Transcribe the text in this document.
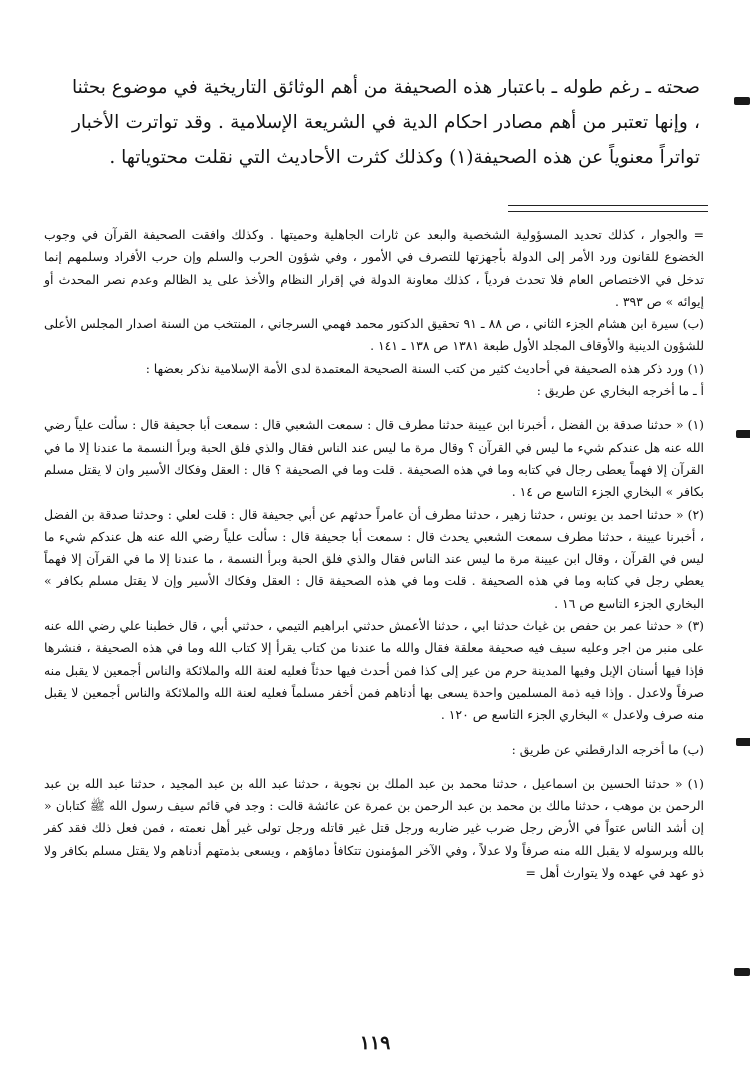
صحته ـ رغم طوله ـ باعتبار هذه الصحيفة من أهم الوثائق التاريخية في موضوع بحثنا ، وإنها تعتبر من أهم مصادر احكام الدية في الشريعة الإسلامية . وقد تواترت الأخبار تواتراً معنوياً عن هذه الصحيفة(١) وكذلك كثرت الأحاديث التي نقلت محتوياتها .

= والجوار ، كذلك تحديد المسؤولية الشخصية والبعد عن ثارات الجاهلية وحميتها . وكذلك وافقت الصحيفة القرآن في وجوب الخضوع للقانون ورد الأمر إلى الدولة بأجهزتها للتصرف في الأمور ، وفي شؤون الحرب والسلم وإن حرب الأفراد وسلمهم إنما تدخل في الاختصاص العام فلا تحدث فردياً ، كذلك معاونة الدولة في إقرار النظام والأخذ على يد الظالم وعدم نصر المحدث أو إيوائه » ص ٣٩٣ .

(ب) سيرة ابن هشام الجزء الثاني ، ص ٨٨ ـ ٩١ تحقيق الدكتور محمد فهمي السرجاني ، المنتخب من السنة اصدار المجلس الأعلى للشؤون الدينية والأوقاف المجلد الأول طبعة ١٣٨١ ص ١٣٨ ـ ١٤١ .

(١) ورد ذكر هذه الصحيفة في أحاديث كثير من كتب السنة الصحيحة المعتمدة لدى الأمة الإسلامية نذكر بعضها :

أ ـ ما أخرجه البخاري عن طريق :

(١) « حدثنا صدقة بن الفضل ، أخبرنا ابن عيينة حدثنا مطرف قال : سمعت الشعبي قال : سمعت أبا جحيفة قال : سألت علياً رضي الله عنه هل عندكم شيء ما ليس في القرآن ؟ وقال مرة ما ليس عند الناس فقال والذي فلق الحبة وبرأ النسمة ما عندنا إلا ما في القرآن إلا فهماً يعطى رجال في كتابه وما في هذه الصحيفة . قلت وما في الصحيفة ؟ قال : العقل وفكاك الأسير وان لا يقتل مسلم بكافر » البخاري الجزء التاسع ص ١٤ .

(٢) « حدثنا احمد بن يونس ، حدثنا زهير ، حدثنا مطرف أن عامراً حدثهم عن أبي جحيفة قال : قلت لعلي : وحدثنا صدقة بن الفضل ، أخبرنا عيينة ، حدثنا مطرف سمعت الشعبي يحدث قال : سمعت أبا جحيفة قال : سألت علياً رضي الله عنه هل عندكم شيء ما ليس في القرآن ، وقال ابن عيينة مرة ما ليس عند الناس فقال والذي فلق الحبة وبرأ النسمة ، ما عندنا إلا ما في القرآن إلا فهماً يعطي رجل في كتابه وما في هذه الصحيفة . قلت وما في هذه الصحيفة قال : العقل وفكاك الأسير وإن لا يقتل مسلم بكافر » البخاري الجزء التاسع ص ١٦ .

(٣) « حدثنا عمر بن حفص بن غياث حدثنا ابي ، حدثنا الأعمش حدثني ابراهيم التيمي ، حدثني أبي ، قال خطبنا علي رضي الله عنه على منبر من اجر وعليه سيف فيه صحيفة معلقة فقال والله ما عندنا من كتاب يقرأ إلا كتاب الله وما في هذه الصحيفة ، فنشرها فإذا فيها أسنان الإبل وفيها المدينة حرم من عير إلى كذا فمن أحدث فيها حدثاً فعليه لعنة الله والملائكة والناس أجمعين لا يقبل منه صرفاً ولاعدل . وإذا فيه ذمة المسلمين واحدة يسعى بها أدناهم فمن أخفر مسلماً فعليه لعنة الله والملائكة والناس أجمعين لا يقبل منه صرف ولاعدل » البخاري الجزء التاسع ص ١٢٠ .

(ب) ما أخرجه الدارقطني عن طريق :

(١) « حدثنا الحسين بن اسماعيل ، حدثنا محمد بن عبد الملك بن نجوية ، حدثنا عبد الله بن عبد المجيد ، حدثنا عبد الله بن عبد الرحمن بن موهب ، حدثنا مالك بن محمد بن عبد الرحمن بن عمرة عن عائشة قالت : وجد في قائم سيف رسول الله ﷺ كتابان « إن أشد الناس عتواً في الأرض رجل ضرب غير ضاربه ورجل قتل غير قاتله ورجل تولى غير أهل نعمته ، فمن فعل ذلك فقد كفر بالله وبرسوله لا يقبل الله منه صرفاً ولا عدلاً ، وفي الآخر المؤمنون تتكافأ دماؤهم ، ويسعى بذمتهم أدناهم ولا يقتل مسلم بكافر ولا ذو عهد في عهده ولا يتوارث أهل =

١١٩
